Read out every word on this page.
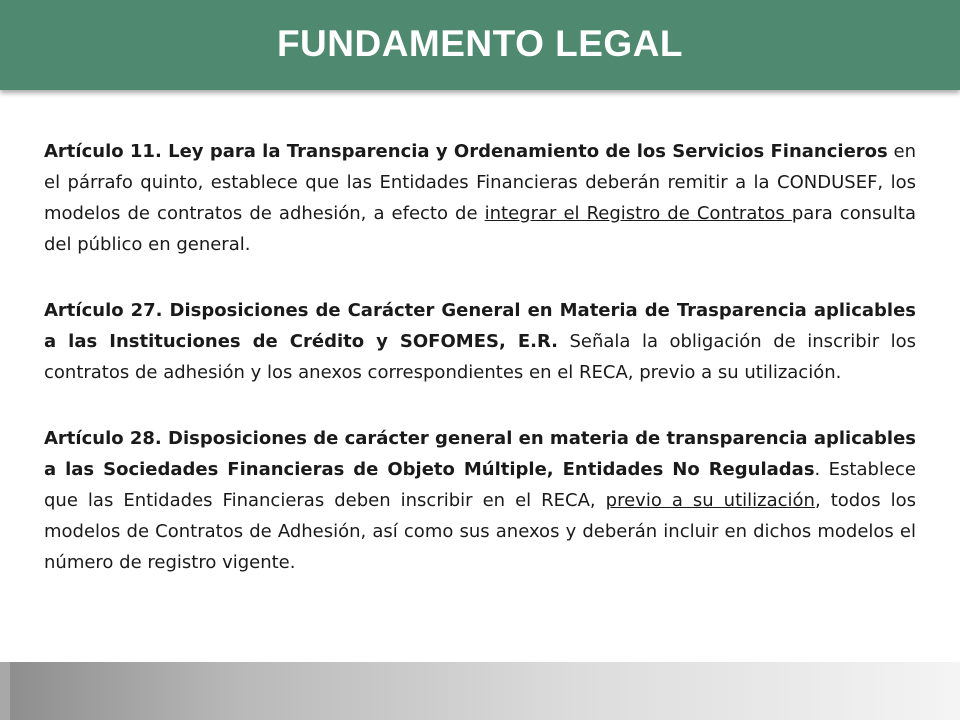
FUNDAMENTO LEGAL

Artículo 11. Ley para la Transparencia y Ordenamiento de los Servicios Financieros en el párrafo quinto, establece que las Entidades Financieras deberán remitir a la CONDUSEF, los modelos de contratos de adhesión, a efecto de integrar el Registro de Contratos para consulta del público en general.

Artículo 27. Disposiciones de Carácter General en Materia de Trasparencia aplicables a las Instituciones de Crédito y SOFOMES, E.R. Señala la obligación de inscribir los contratos de adhesión y los anexos correspondientes en el RECA, previo a su utilización.

Artículo 28. Disposiciones de carácter general en materia de transparencia aplicables a las Sociedades Financieras de Objeto Múltiple, Entidades No Reguladas. Establece que las Entidades Financieras deben inscribir en el RECA, previo a su utilización, todos los modelos de Contratos de Adhesión, así como sus anexos y deberán incluir en dichos modelos el número de registro vigente.
